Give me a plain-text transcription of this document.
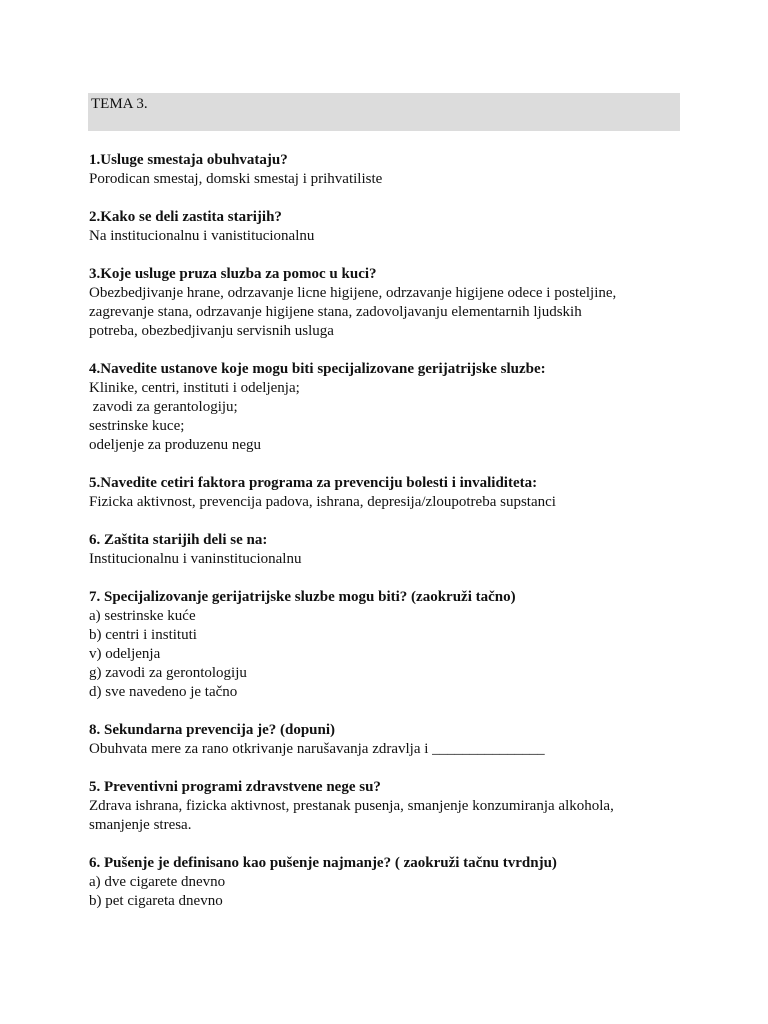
TEMA 3.

1.Usluge smestaja obuhvataju?

Porodican smestaj, domski smestaj i prihvatiliste

2.Kako se deli zastita starijih?

Na institucionalnu i vanistitucionalnu

3.Koje usluge pruza sluzba za pomoc u kuci?

Obezbedjivanje hrane, odrzavanje licne higijene, odrzavanje higijene odece i posteljine,

zagrevanje stana, odrzavanje higijene stana, zadovoljavanju elementarnih ljudskih

potreba, obezbedjivanju servisnih usluga

4.Navedite ustanove koje mogu biti specijalizovane gerijatrijske sluzbe:

Klinike, centri, instituti i odeljenja;

zavodi za gerantologiju;

sestrinske kuce;

odeljenje za produzenu negu

5.Navedite cetiri faktora programa za prevenciju bolesti i invaliditeta:

Fizicka aktivnost, prevencija padova, ishrana, depresija/zloupotreba supstanci

6. Zaštita starijih deli se na:

Institucionalnu i vaninstitucionalnu

7. Specijalizovanje gerijatrijske sluzbe mogu biti? (zaokruži tačno)

a) sestrinske kuće

b) centri i instituti

v) odeljenja

g) zavodi za gerontologiju

d) sve navedeno je tačno

8. Sekundarna prevencija je? (dopuni)

Obuhvata mere za rano otkrivanje narušavanja zdravlja i _______________

5. Preventivni programi zdravstvene nege su?

Zdrava ishrana, fizicka aktivnost, prestanak pusenja, smanjenje konzumiranja alkohola,

smanjenje stresa.

6. Pušenje je definisano kao pušenje najmanje? ( zaokruži tačnu tvrdnju)

a) dve cigarete dnevno

b) pet cigareta dnevno
